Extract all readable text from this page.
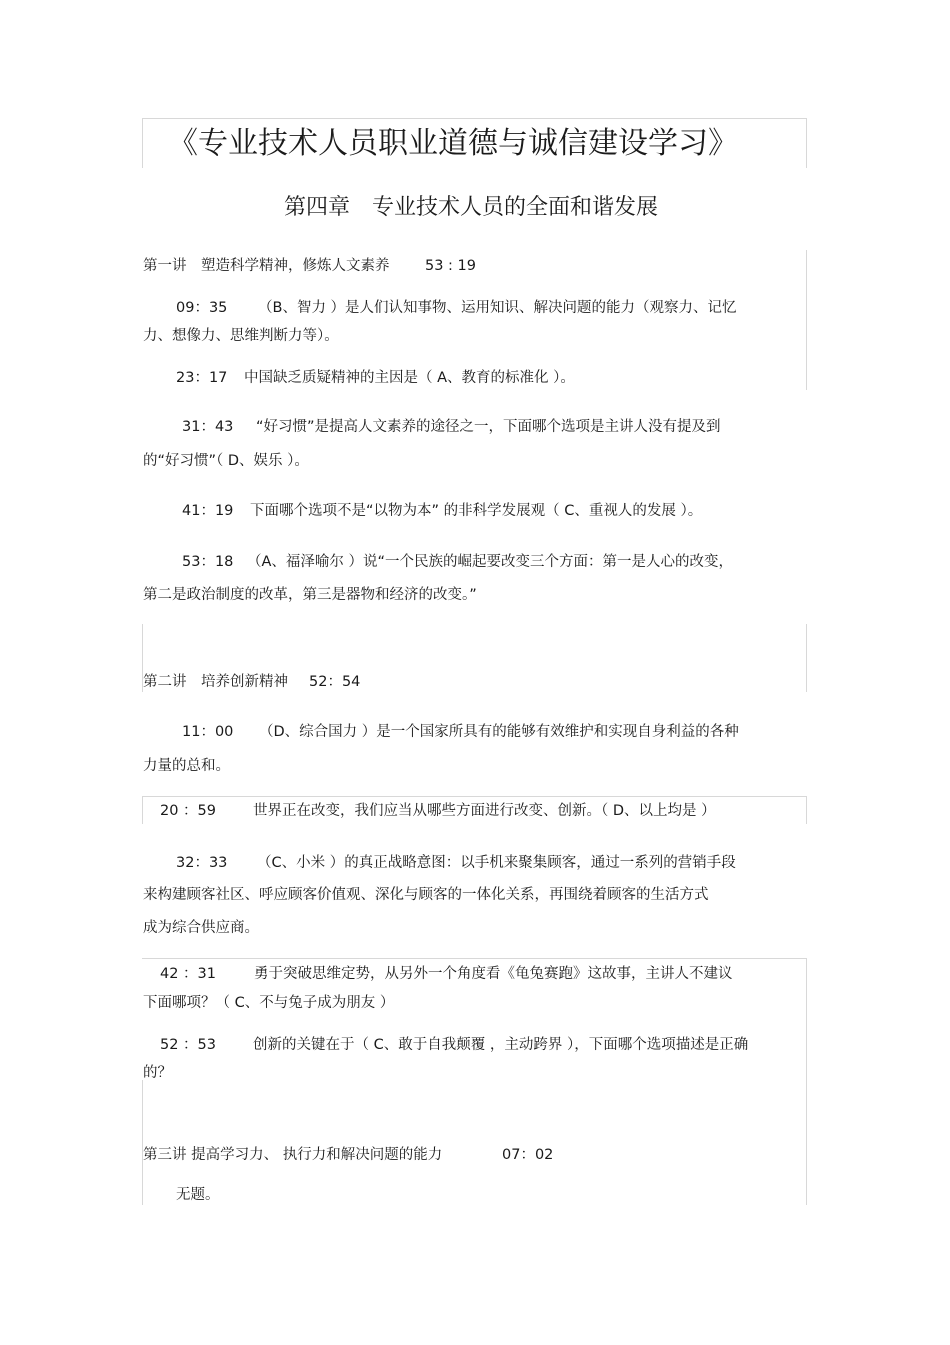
《专业技术人员职业道德与诚信建设学习》
第四章　专业技术人员的全面和谐发展
第一讲　塑造科学精神，修炼人文素养 53 : 19
09：35 （B、智力 ）是人们认知事物、运用知识、解决问题的能力（观察力、记忆
力、想像力、思维判断力等）。
23：17 中国缺乏质疑精神的主因是（ A、教育的标准化 ）。
31：43 “好习惯”是提高人文素养的途径之一，下面哪个选项是主讲人没有提及到
的“好习惯”（ D、娱乐 ）。
41：19 下面哪个选项不是“以物为本” 的非科学发展观（ C、重视人的发展 ）。
53：18 （A、福泽喻尔 ）说“一个民族的崛起要改变三个方面：第一是人心的改变，
第二是政治制度的改革，第三是器物和经济的改变。”
第二讲　培养创新精神 52：54
11：00 （D、综合国力 ）是一个国家所具有的能够有效维护和实现自身利益的各种
力量的总和。
20 ：59	世界正在改变，我们应当从哪些方面进行改变、创新。（ D、以上均是 ）
32：33 （C、小米 ）的真正战略意图：以手机来聚集顾客，通过一系列的营销手段
来构建顾客社区、呼应顾客价值观、深化与顾客的一体化关系，再围绕着顾客的生活方式
成为综合供应商。
42 ：31	勇于突破思维定势，从另外一个角度看《龟兔赛跑》这故事，主讲人不建议
下面哪项？（ C、不与兔子成为朋友 ）
52 ：53	创新的关键在于（ C、敢于自我颠覆 ，主动跨界 ），下面哪个选项描述是正确
的？
第三讲 提高学习力、 执行力和解决问题的能力	07：02
无题。
